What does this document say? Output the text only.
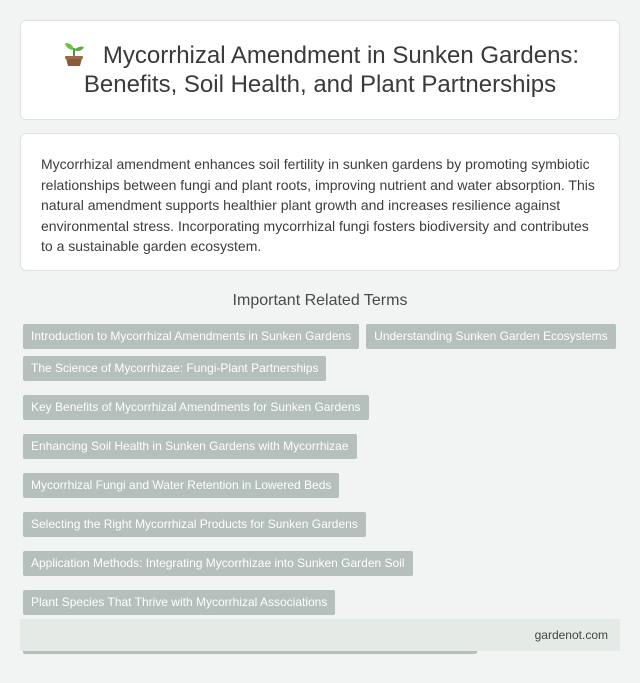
Mycorrhizal Amendment in Sunken Gardens:
Benefits, Soil Health, and Plant Partnerships

Mycorrhizal amendment enhances soil fertility in sunken gardens by promoting symbiotic relationships between fungi and plant roots, improving nutrient and water absorption. This natural amendment supports healthier plant growth and increases resilience against environmental stress. Incorporating mycorrhizal fungi fosters biodiversity and contributes to a sustainable garden ecosystem.

Important Related Terms
Introduction to Mycorrhizal Amendments in Sunken Gardens	Understanding Sunken Garden Ecosystems
The Science of Mycorrhizae: Fungi-Plant Partnerships
Key Benefits of Mycorrhizal Amendments for Sunken Gardens
Enhancing Soil Health in Sunken Gardens with Mycorrhizae
Mycorrhizal Fungi and Water Retention in Lowered Beds
Selecting the Right Mycorrhizal Products for Sunken Gardens
Application Methods: Integrating Mycorrhizae into Sunken Garden Soil
Plant Species That Thrive with Mycorrhizal Associations
gardenot.com
